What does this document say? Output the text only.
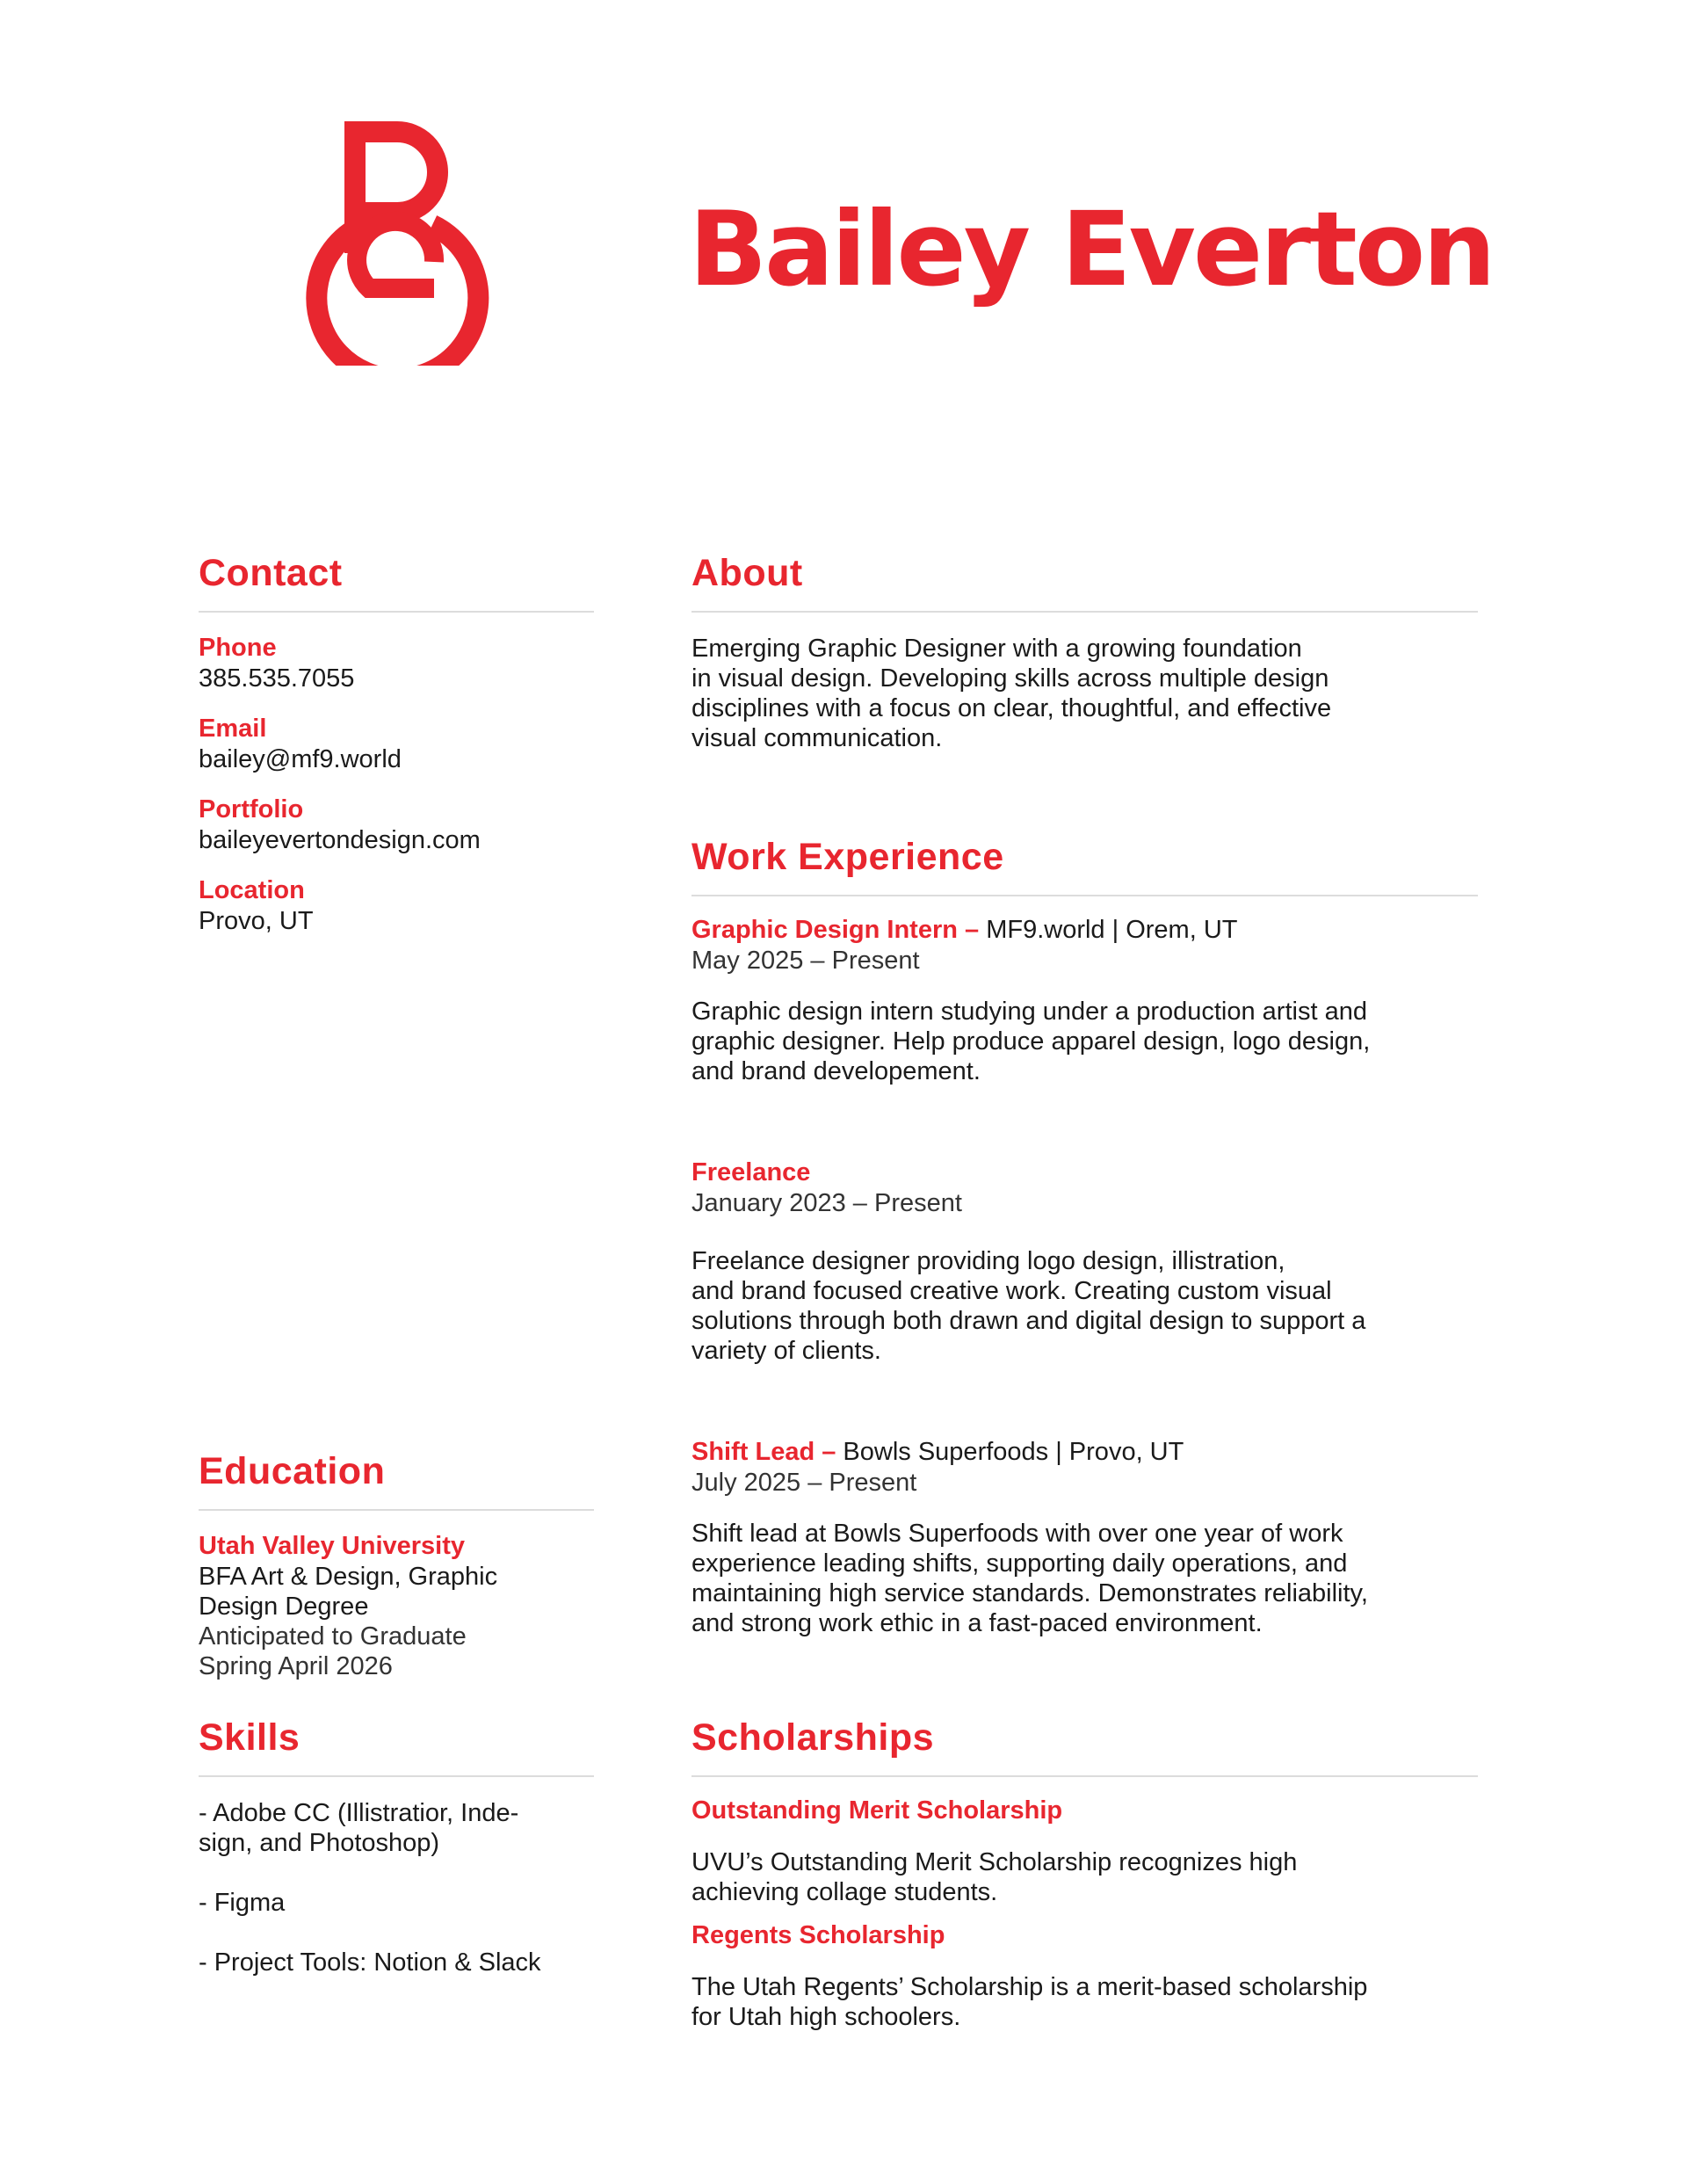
Bailey Everton
Contact
Phone
385.535.7055
Email
bailey@mf9.world
Portfolio
baileyevertondesign.com
Location
Provo, UT
Education
Utah Valley University
BFA Art & Design, Graphic
Design Degree
Anticipated to Graduate
Spring April 2026
Skills
- Adobe CC (Illistratior, Inde-
sign, and Photoshop)
- Figma
- Project Tools: Notion & Slack
About
Emerging Graphic Designer with a growing foundation
in visual design. Developing skills across multiple design
disciplines with a focus on clear, thoughtful, and effective
visual communication.
Work Experience
Graphic Design Intern – MF9.world | Orem, UT
May 2025 – Present
Graphic design intern studying under a production artist and
graphic designer. Help produce apparel design, logo design,
and brand developement.
Freelance
January 2023 – Present
Freelance designer providing logo design, illistration,
and brand focused creative work. Creating custom visual
solutions through both drawn and digital design to support a
variety of clients.
Shift Lead – Bowls Superfoods | Provo, UT
July 2025 – Present
Shift lead at Bowls Superfoods with over one year of work
experience leading shifts, supporting daily operations, and
maintaining high service standards. Demonstrates reliability,
and strong work ethic in a fast-paced environment.
Scholarships
Outstanding Merit Scholarship
UVU’s Outstanding Merit Scholarship recognizes high
achieving collage students.
Regents Scholarship
The Utah Regents’ Scholarship is a merit-based scholarship
for Utah high schoolers.
